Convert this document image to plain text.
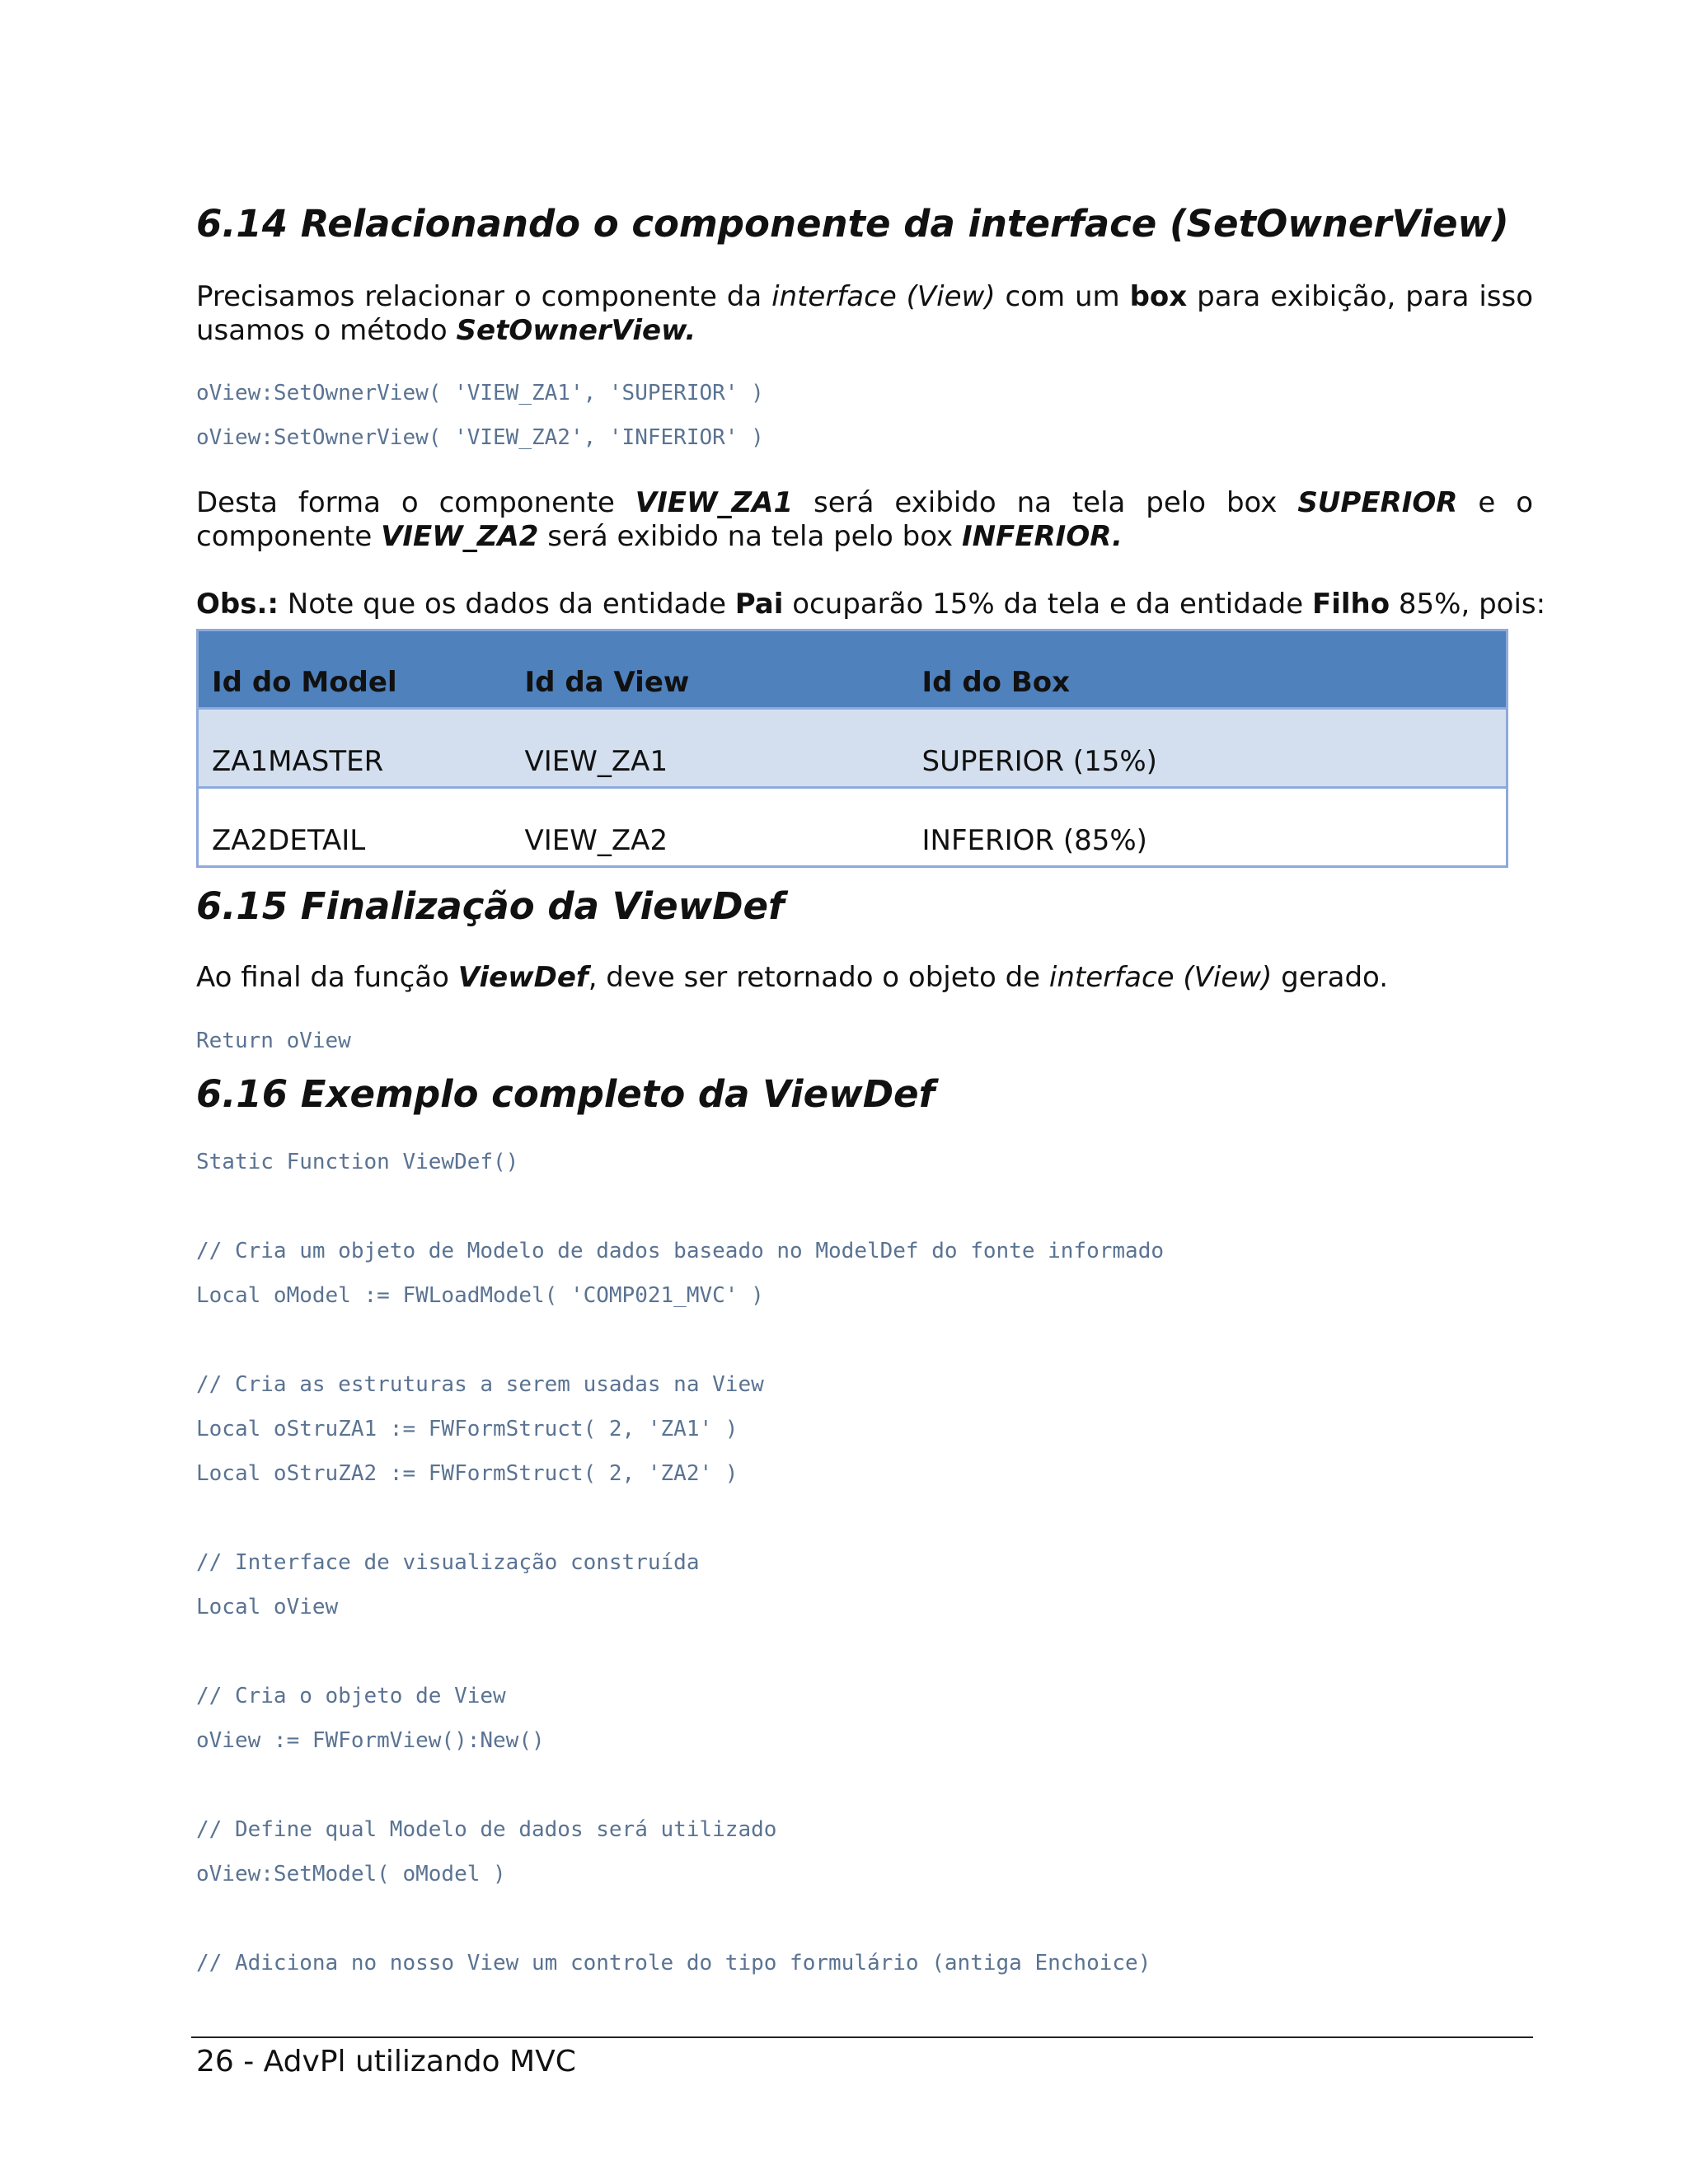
6.14 Relacionando o componente da interface (SetOwnerView)

Precisamos relacionar o componente da interface (View) com um box para exibição, para isso usamos o método SetOwnerView.

oView:SetOwnerView( 'VIEW_ZA1', 'SUPERIOR' )
oView:SetOwnerView( 'VIEW_ZA2', 'INFERIOR' )

Desta forma o componente VIEW_ZA1 será exibido na tela pelo box SUPERIOR e o componente VIEW_ZA2 será exibido na tela pelo box INFERIOR.

Obs.: Note que os dados da entidade Pai ocuparão 15% da tela e da entidade Filho 85%, pois:

Id do Model	Id da View	Id do Box
ZA1MASTER	VIEW_ZA1	SUPERIOR (15%)
ZA2DETAIL	VIEW_ZA2	INFERIOR (85%)
6.15 Finalização da ViewDef

Ao final da função ViewDef, deve ser retornado o objeto de interface (View) gerado.

Return oView
6.16 Exemplo completo da ViewDef
Static Function ViewDef()

// Cria um objeto de Modelo de dados baseado no ModelDef do fonte informado
Local oModel := FWLoadModel( 'COMP021_MVC' )

// Cria as estruturas a serem usadas na View
Local oStruZA1 := FWFormStruct( 2, 'ZA1' )
Local oStruZA2 := FWFormStruct( 2, 'ZA2' )

// Interface de visualização construída
Local oView

// Cria o objeto de View
oView := FWFormView():New()

// Define qual Modelo de dados será utilizado
oView:SetModel( oModel )

// Adiciona no nosso View um controle do tipo formulário (antiga Enchoice)
26 - AdvPl utilizando MVC
